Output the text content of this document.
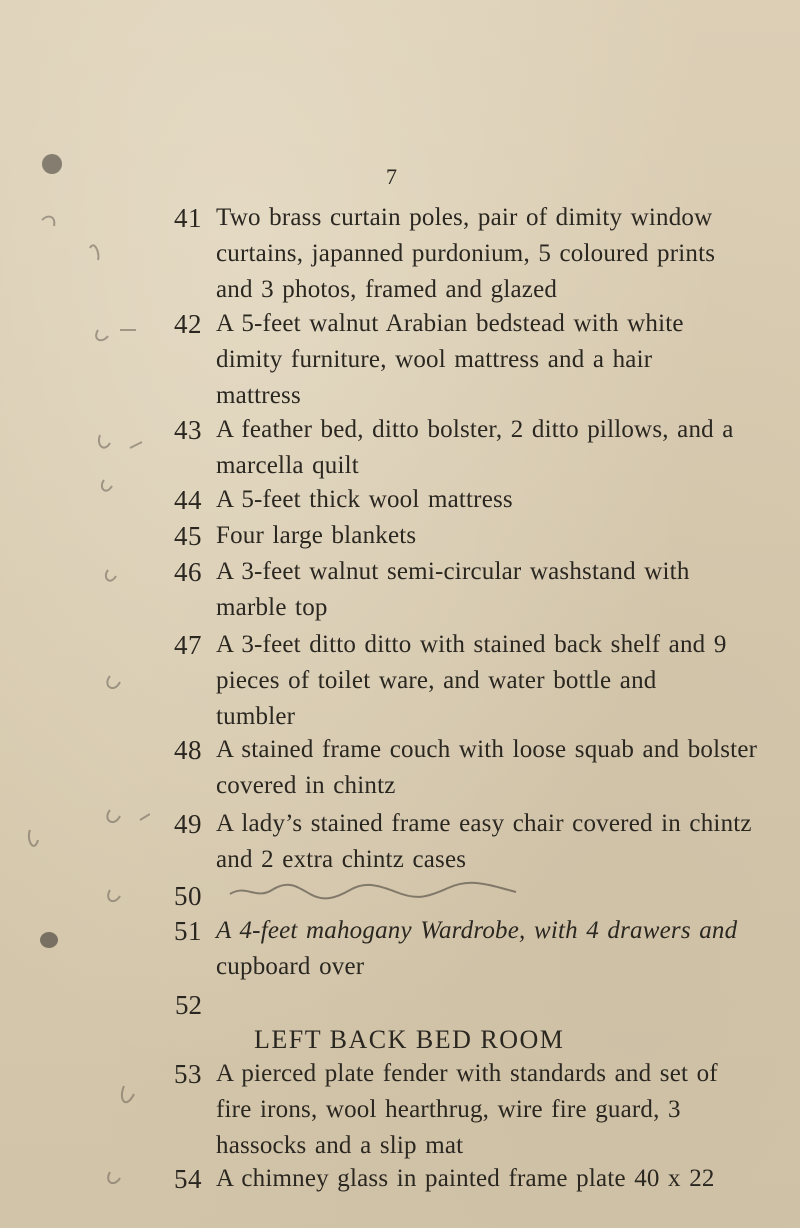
7
41 Two brass curtain poles, pair of dimity window
curtains, japanned purdonium, 5 coloured prints
and 3 photos, framed and glazed
42 A 5-feet walnut Arabian bedstead with white
dimity furniture, wool mattress and a hair
mattress
43 A feather bed, ditto bolster, 2 ditto pillows, and a
marcella quilt
44 A 5-feet thick wool mattress
45 Four large blankets
46 A 3-feet walnut semi-circular washstand with
marble top
47 A 3-feet ditto ditto with stained back shelf and 9
pieces of toilet ware, and water bottle and
tumbler
48 A stained frame couch with loose squab and bolster
covered in chintz
49 A lady’s stained frame easy chair covered in chintz
and 2 extra chintz cases
50
51 A 4-feet mahogany Wardrobe, with 4 drawers and
cupboard over
52
LEFT BACK BED ROOM
53 A pierced plate fender with standards and set of
fire irons, wool hearthrug, wire fire guard, 3
hassocks and a slip mat
54 A chimney glass in painted frame plate 40 x 22
